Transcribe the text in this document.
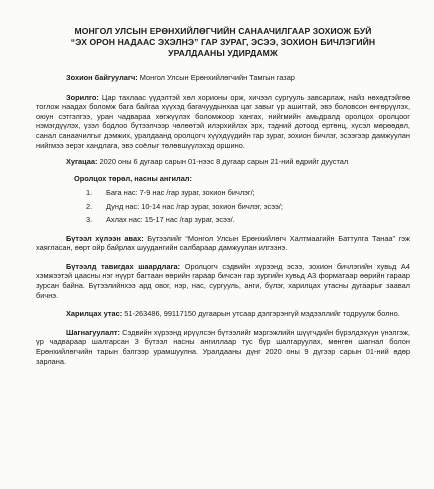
МОНГОЛ УЛСЫН ЕРӨНХИЙЛӨГЧИЙН САНААЧИЛГААР ЗОХИОЖ БУЙ
“ЭХ ОРОН НАДААС ЭХЭЛНЭ” ГАР ЗУРАГ, ЭСЭЭ, ЗОХИОН БИЧЛЭГИЙН
УРАЛДААНЫ УДИРДАМЖ

Зохион байгуулагч: Монгол Улсын Ерөнхийлөгчийн Тамгын газар

Зорилго: Цар тахлаас үүдэлтэй хөл хорионы орж, хичээл сургууль завсарлаж, найз нөхөдтэйгөө тоглож наадах боломж бага байгаа хүүхэд багачуудынхаа цаг завыг үр ашигтай, эвэ боловсон өнгөрүүлэх, оюун сэтгэлгээ, уран чадвараа хөгжүүлэх боломжоор хангах, нийгмийн амьдралд оролцох оролцоог нэмэгдүүлэх, үзэл бодлоо бүтээлчээр чөлөөтэй илэрхийлэх эрх, тэдний дотоод ертөнц, хүсэл мөрөөдөл, санал санаачилгыг дэмжих, уралдаанд оролцогч хүүхдүүдийн гар зураг, зохион бичлэг, эсээгээр дамжуулан нийгмээ эерэг хандлага, эвэ соёлыг төлөвшүүлэхэд оршино.

Хугацаа: 2020 оны 6 дугаар сарын 01-нээс 8 дугаар сарын 21-ний өдрийг дуустал

Оролцох төрөл, насны ангилал:

1. Бага нас: 7-9 нас /гар зураг, зохион бичлэг/;
2. Дунд нас: 10-14 нас /гар зураг, зохион бичлэг, эсээ/;
3. Ахлах нас: 15-17 нас /гар зураг, эсээ/.

Бүтээл хүлээн авах: Бүтээлийг “Монгол Улсын Ерөнхийлөгч Халтмаагийн Баттулга Танаа” гэж хаягласан, өөрт ойр байрлах шуудангийн салбараар дамжуулан илгээнэ.

Бүтээлд тавигдах шаардлага: Оролцогч сэдвийн хүрээнд эсээ, зохион бичлэгийн хувьд А4 хэмжээтэй цаасны нэг нүүрт багтаан өөрийн гараар бичсэн гар зургийн хувьд А3 форматаар өөрийн гараар зурсан байна. Бүтээлийнхээ ард овог, нэр, нас, сургууль, анги, бүлэг, харилцах утасны дугаарыг заавал бичнэ.

Харилцах утас: 51-263486, 99117150 дугаарын утсаар дэлгэрэнгүй мэдээллийг тодруулж болно.

Шагнагуулалт: Сэдвийн хүрээнд ирүүлсэн бүтээлийг мэргэжлийн шүүгчдийн бүрэлдэхүүн үнэлгэж, үр чадвараар шалгарсан 3 бүтээл насны ангиллаар тус бүр шалгаруулах, мөнгөн шагнал болон Ерөнхийлөгчийн тарын бэлгээр урамшуулна. Уралдааны дүнг 2020 оны 9 дүгээр сарын 01-ний өдөр зарлана.
